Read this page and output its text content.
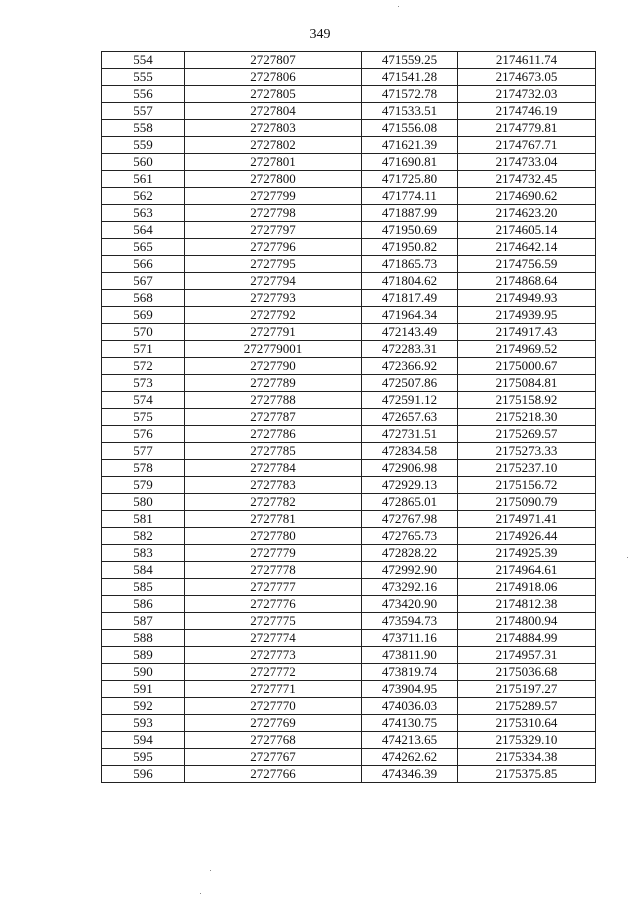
349
554	2727807	471559.25	2174611.74
555	2727806	471541.28	2174673.05
556	2727805	471572.78	2174732.03
557	2727804	471533.51	2174746.19
558	2727803	471556.08	2174779.81
559	2727802	471621.39	2174767.71
560	2727801	471690.81	2174733.04
561	2727800	471725.80	2174732.45
562	2727799	471774.11	2174690.62
563	2727798	471887.99	2174623.20
564	2727797	471950.69	2174605.14
565	2727796	471950.82	2174642.14
566	2727795	471865.73	2174756.59
567	2727794	471804.62	2174868.64
568	2727793	471817.49	2174949.93
569	2727792	471964.34	2174939.95
570	2727791	472143.49	2174917.43
571	272779001	472283.31	2174969.52
572	2727790	472366.92	2175000.67
573	2727789	472507.86	2175084.81
574	2727788	472591.12	2175158.92
575	2727787	472657.63	2175218.30
576	2727786	472731.51	2175269.57
577	2727785	472834.58	2175273.33
578	2727784	472906.98	2175237.10
579	2727783	472929.13	2175156.72
580	2727782	472865.01	2175090.79
581	2727781	472767.98	2174971.41
582	2727780	472765.73	2174926.44
583	2727779	472828.22	2174925.39
584	2727778	472992.90	2174964.61
585	2727777	473292.16	2174918.06
586	2727776	473420.90	2174812.38
587	2727775	473594.73	2174800.94
588	2727774	473711.16	2174884.99
589	2727773	473811.90	2174957.31
590	2727772	473819.74	2175036.68
591	2727771	473904.95	2175197.27
592	2727770	474036.03	2175289.57
593	2727769	474130.75	2175310.64
594	2727768	474213.65	2175329.10
595	2727767	474262.62	2175334.38
596	2727766	474346.39	2175375.85
